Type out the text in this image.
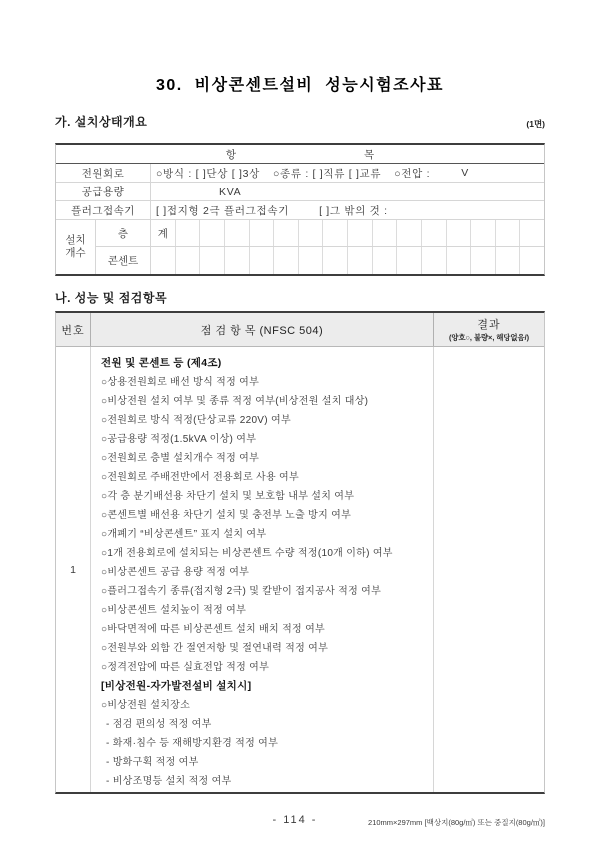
30. 비상콘센트설비 성능시험조사표
가. 설치상태개요	(1면)
항	목
전원회로	○방식 : [ ]단상 [ ]3상 ○종류 : [ ]직류 [ ]교류 ○전압 :	V
공급용량	KVA
플러그접속기	[ ]접지형 2극 플러그접속기	[ ]그 밖의 것 :
설치
개수
층	계
콘센트
나. 성능 및 점검항목
번호	점 검 항 목 (NFSC 504)	결과
(양호○, 불량×, 해당없음/)
1
전원 및 콘센트 등 (제4조)
○상용전원회로 배선 방식 적정 여부
○비상전원 설치 여부 및 종류 적정 여부(비상전원 설치 대상)
○전원회로 방식 적정(단상교류 220V) 여부
○공급용량 적정(1.5kVA 이상) 여부
○전원회로 층별 설치개수 적정 여부
○전원회로 주배전반에서 전용회로 사용 여부
○각 층 분기배선용 차단기 설치 및 보호함 내부 설치 여부
○콘센트별 배선용 차단기 설치 및 충전부 노출 방지 여부
○개폐기 “비상콘센트” 표지 설치 여부
○1개 전용회로에 설치되는 비상콘센트 수량 적정(10개 이하) 여부
○비상콘센트 공급 용량 적정 여부
○플러그접속기 종류(접지형 2극) 및 칼받이 접지공사 적정 여부
○비상콘센트 설치높이 적정 여부
○바닥면적에 따른 비상콘센트 설치 배치 적정 여부
○전원부와 외함 간 절연저항 및 절연내력 적정 여부
○정격전압에 따른 실효전압 적정 여부
[비상전원-자가발전설비 설치시]
○비상전원 설치장소
- 점검 편의성 적정 여부
- 화재·침수 등 재해방지환경 적정 여부
- 방화구획 적정 여부
- 비상조명등 설치 적정 여부
- 114 -	210mm×297mm [백상지(80g/㎡) 또는 중질지(80g/㎡)]
